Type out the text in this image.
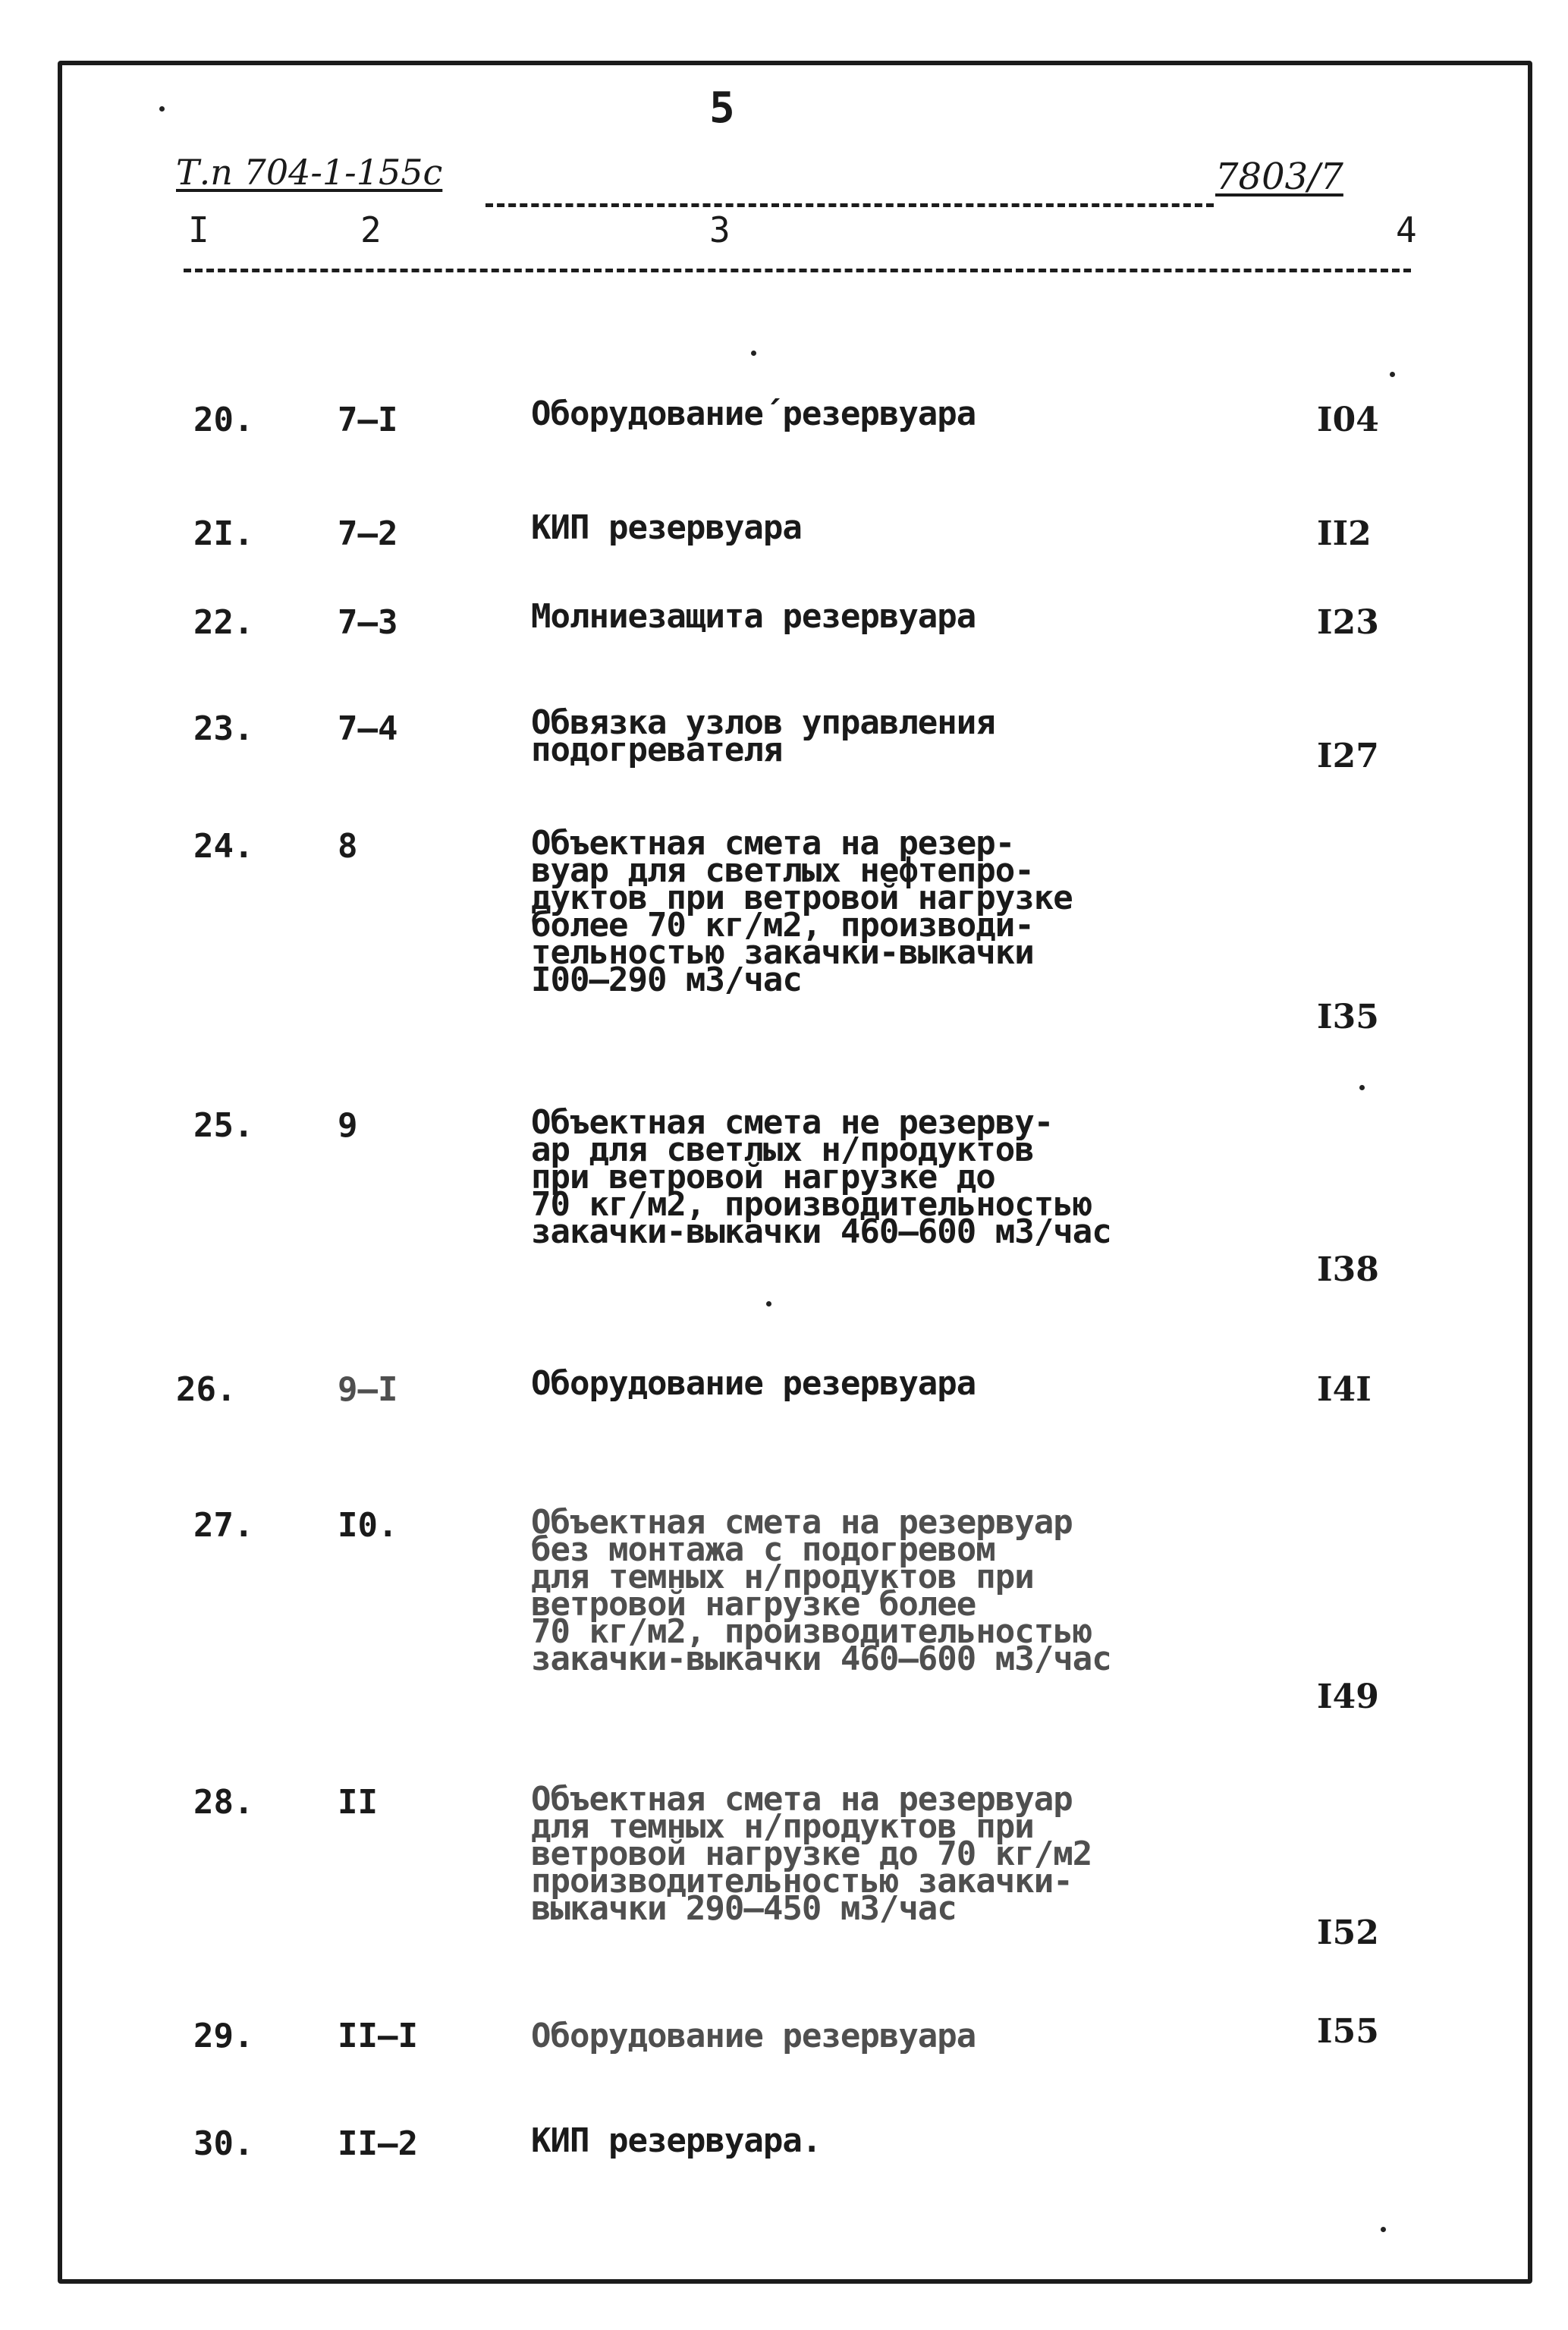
5
Т.п 704-1-155с	7803/7
I	2	3	4
20.	7–I	Оборудование´резервуара	I04
2I.	7–2	КИП резервуара	II2
22.	7–3	Молниезащита резервуара	I23
23.	7–4	Обвязка узлов управления
подогревателя	I27
24.	8	Объектная смета на резер-
вуар для светлых нефтепро-
дуктов при ветровой нагрузке
более 70 кг/м2, производи-
тельностью закачки-выкачки
I00–290 м3/час
I35
25.	9	Объектная смета не резерву-
ар для светлых н/продуктов
при ветровой нагрузке до
70 кг/м2, производительностью
закачки-выкачки 460–600 м3/час
I38
26.	9–I	Оборудование резервуара	I4I
27.	I0.	Объектная смета на резервуар
без монтажа с подогревом
для темных н/продуктов при
ветровой нагрузке более
70 кг/м2, производительностью
закачки-выкачки 460–600 м3/час
I49
28.	II	Объектная смета на резервуар
для темных н/продуктов при
ветровой нагрузке до 70 кг/м2
производительностью закачки-
выкачки 290–450 м3/час
I52
29.	II–I	Оборудование резервуара	I55
30.	II–2	КИП резервуара.
